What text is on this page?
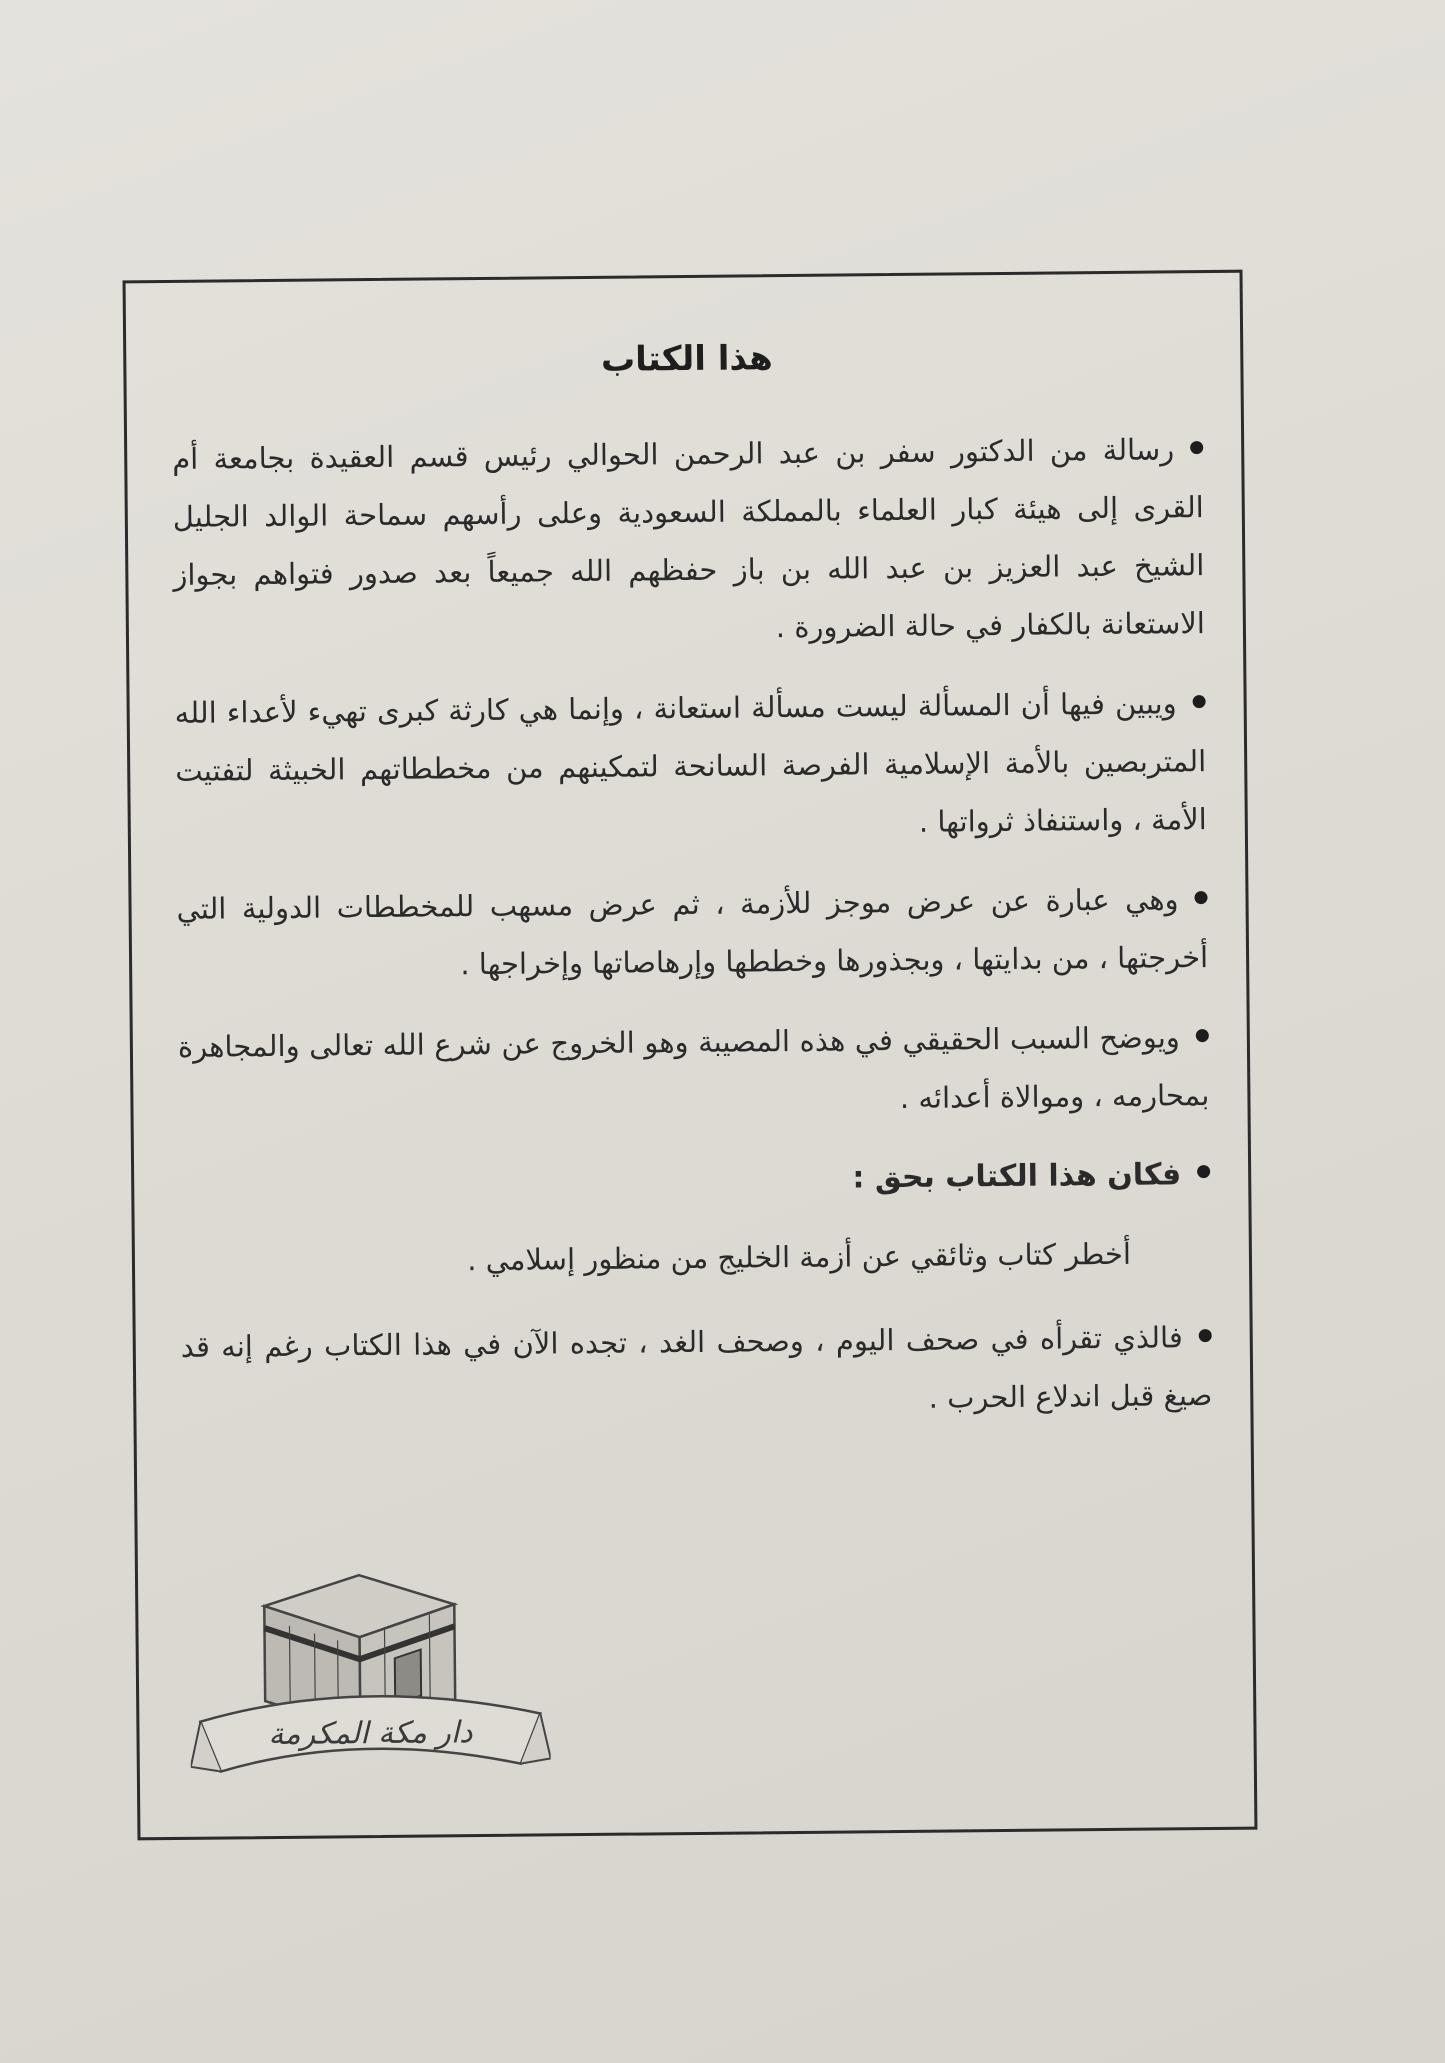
هذا الكتاب

رسالة من الدكتور سفر بن عبد الرحمن الحوالي رئيس قسم العقيدة بجامعة أم القرى إلى هيئة كبار العلماء بالمملكة السعودية وعلى رأسهم سماحة الوالد الجليل الشيخ عبد العزيز بن عبد الله بن باز حفظهم الله جميعاً بعد صدور فتواهم بجواز الاستعانة بالكفار في حالة الضرورة .

ويبين فيها أن المسألة ليست مسألة استعانة ، وإنما هي كارثة كبرى تهيء لأعداء الله المتربصين بالأمة الإسلامية الفرصة السانحة لتمكينهم من مخططاتهم الخبيثة لتفتيت الأمة ، واستنفاذ ثرواتها .

وهي عبارة عن عرض موجز للأزمة ، ثم عرض مسهب للمخططات الدولية التي أخرجتها ، من بدايتها ، وبجذورها وخططها وإرهاصاتها وإخراجها .

ويوضح السبب الحقيقي في هذه المصيبة وهو الخروج عن شرع الله تعالى والمجاهرة بمحارمه ، وموالاة أعدائه .

فكان هذا الكتاب بحق :

أخطر كتاب وثائقي عن أزمة الخليج من منظور إسلامي .

فالذي تقرأه في صحف اليوم ، وصحف الغد ، تجده الآن في هذا الكتاب رغم إنه قد صيغ قبل اندلاع الحرب .

دار مكة المكرمة
